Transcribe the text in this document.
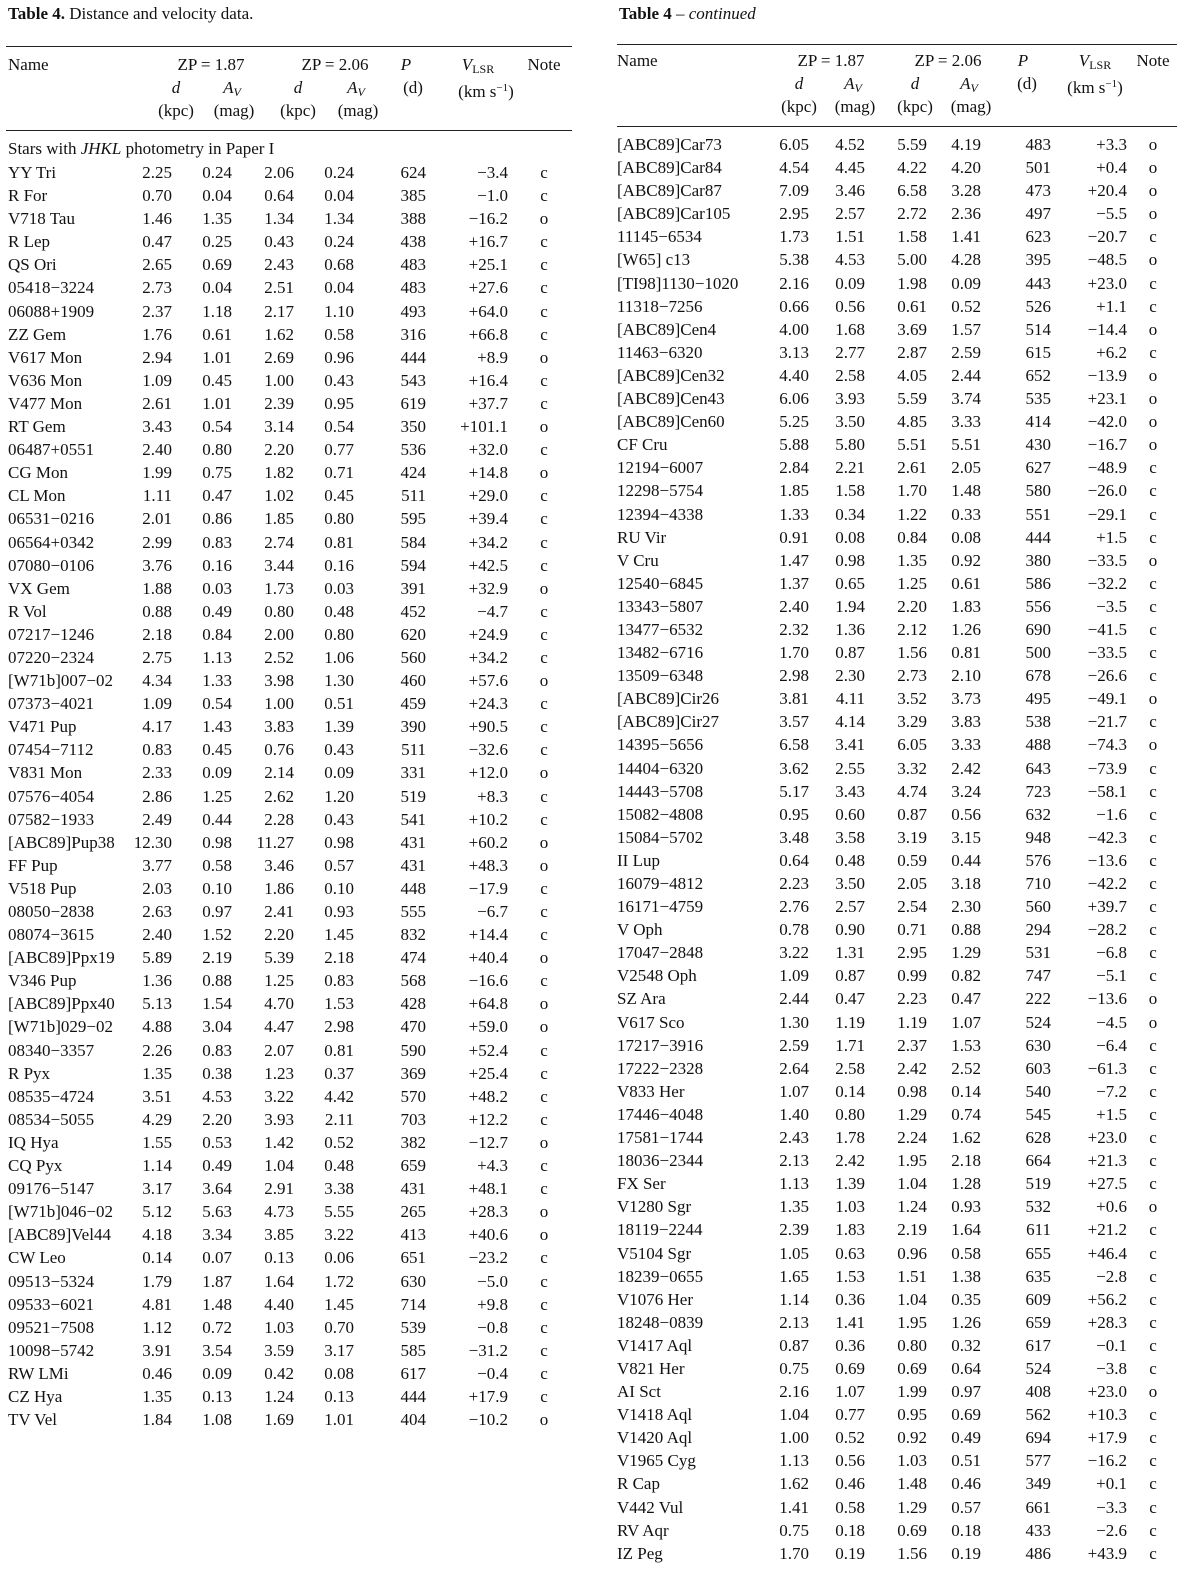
Table 4. Distance and velocity data.
Name	ZP = 1.87	ZP = 2.06	P	$V_{LSR}$	Note
d	$A_V$	d	$A_V$	(d)	(km $s^{-1}$)
(kpc) (mag) (kpc) (mag)
Stars with JHKL photometry in Paper I
YY Tri	2.25 0.24 2.06 0.24	624	−3.4	c
R For	0.70 0.04 0.64 0.04	385	−1.0	c
V718 Tau	1.46 1.35 1.34 1.34	388	−16.2	o
R Lep	0.47 0.25 0.43 0.24	438	+16.7	c
QS Ori	2.65 0.69 2.43 0.68	483	+25.1	c
05418−3224	2.73 0.04 2.51 0.04	483	+27.6	c
06088+1909	2.37 1.18 2.17 1.10	493	+64.0	c
ZZ Gem	1.76 0.61 1.62 0.58	316	+66.8	c
V617 Mon	2.94 1.01 2.69 0.96	444	+8.9	o
V636 Mon	1.09 0.45 1.00 0.43	543	+16.4	c
V477 Mon	2.61 1.01 2.39 0.95	619	+37.7	c
RT Gem	3.43 0.54 3.14 0.54	350 +101.1	o
06487+0551	2.40 0.80 2.20 0.77	536	+32.0	c
CG Mon	1.99 0.75 1.82 0.71	424	+14.8	o
CL Mon	1.11 0.47 1.02 0.45	511	+29.0	c
06531−0216	2.01 0.86 1.85 0.80	595	+39.4	c
06564+0342	2.99 0.83 2.74 0.81	584	+34.2	c
07080−0106	3.76 0.16 3.44 0.16	594	+42.5	c
VX Gem	1.88 0.03 1.73 0.03	391	+32.9	o
R Vol	0.88 0.49 0.80 0.48	452	−4.7	c
07217−1246	2.18 0.84 2.00 0.80	620	+24.9	c
07220−2324	2.75 1.13 2.52 1.06	560	+34.2	c
[W71b]007−02 4.34 1.33 3.98 1.30	460	+57.6	o
07373−4021	1.09 0.54 1.00 0.51	459	+24.3	c
V471 Pup	4.17 1.43 3.83 1.39	390	+90.5	c
07454−7112	0.83 0.45 0.76 0.43	511	−32.6	c
V831 Mon	2.33 0.09 2.14 0.09	331	+12.0	o
07576−4054	2.86 1.25 2.62 1.20	519	+8.3	c
07582−1933	2.49 0.44 2.28 0.43	541	+10.2	c
[ABC89]Pup38 12.30 0.98 11.27 0.98	431	+60.2	o
FF Pup	3.77 0.58 3.46 0.57	431	+48.3	o
V518 Pup	2.03 0.10 1.86 0.10	448	−17.9	c
08050−2838	2.63 0.97 2.41 0.93	555	−6.7	c
08074−3615	2.40 1.52 2.20 1.45	832	+14.4	c
[ABC89]Ppx19 5.89 2.19 5.39 2.18	474	+40.4	o
V346 Pup	1.36 0.88 1.25 0.83	568	−16.6	c
[ABC89]Ppx40 5.13 1.54 4.70 1.53	428	+64.8	o
[W71b]029−02 4.88 3.04 4.47 2.98	470	+59.0	o
08340−3357	2.26 0.83 2.07 0.81	590	+52.4	c
R Pyx	1.35 0.38 1.23 0.37	369	+25.4	c
08535−4724	3.51 4.53 3.22 4.42	570	+48.2	c
08534−5055	4.29 2.20 3.93 2.11	703	+12.2	c
IQ Hya	1.55 0.53 1.42 0.52	382	−12.7	o
CQ Pyx	1.14 0.49 1.04 0.48	659	+4.3	c
09176−5147	3.17 3.64 2.91 3.38	431	+48.1	c
[W71b]046−02 5.12 5.63 4.73 5.55	265	+28.3	o
[ABC89]Vel44 4.18 3.34 3.85 3.22	413	+40.6	o
CW Leo	0.14 0.07 0.13 0.06	651	−23.2	c
09513−5324	1.79 1.87 1.64 1.72	630	−5.0	c
09533−6021	4.81 1.48 4.40 1.45	714	+9.8	c
09521−7508	1.12 0.72 1.03 0.70	539	−0.8	c
10098−5742	3.91 3.54 3.59 3.17	585	−31.2	c
RW LMi	0.46 0.09 0.42 0.08	617	−0.4	c
CZ Hya	1.35 0.13 1.24 0.13	444	+17.9	c
TV Vel	1.84 1.08 1.69 1.01	404	−10.2	o
Table 4 – continued
Name	ZP = 1.87	ZP = 2.06	P	$V_{LSR}$	Note
d	$A_V$	d	$A_V$	(d)	(km $s^{-1}$)
(kpc) (mag) (kpc) (mag)
[ABC89]Car73	6.05 4.52 5.59 4.19	483	+3.3	o
[ABC89]Car84	4.54 4.45 4.22 4.20	501	+0.4	o
[ABC89]Car87	7.09 3.46 6.58 3.28	473 +20.4	o
[ABC89]Car105	2.95 2.57 2.72 2.36	497	−5.5	o
11145−6534	1.73 1.51 1.58 1.41	623 −20.7	c
[W65] c13	5.38 4.53 5.00 4.28	395 −48.5	o
[TI98]1130−1020 2.16 0.09 1.98 0.09	443 +23.0	c
11318−7256	0.66 0.56 0.61 0.52	526	+1.1	c
[ABC89]Cen4	4.00 1.68 3.69 1.57	514 −14.4	o
11463−6320	3.13 2.77 2.87 2.59	615	+6.2	c
[ABC89]Cen32	4.40 2.58 4.05 2.44	652 −13.9	o
[ABC89]Cen43	6.06 3.93 5.59 3.74	535 +23.1	o
[ABC89]Cen60	5.25 3.50 4.85 3.33	414 −42.0	o
CF Cru	5.88 5.80 5.51 5.51	430 −16.7	o
12194−6007	2.84 2.21 2.61 2.05	627 −48.9	c
12298−5754	1.85 1.58 1.70 1.48	580 −26.0	c
12394−4338	1.33 0.34 1.22 0.33	551 −29.1	c
RU Vir	0.91 0.08 0.84 0.08	444	+1.5	c
V Cru	1.47 0.98 1.35 0.92	380 −33.5	o
12540−6845	1.37 0.65 1.25 0.61	586 −32.2	c
13343−5807	2.40 1.94 2.20 1.83	556	−3.5	c
13477−6532	2.32 1.36 2.12 1.26	690 −41.5	c
13482−6716	1.70 0.87 1.56 0.81	500 −33.5	c
13509−6348	2.98 2.30 2.73 2.10	678 −26.6	c
[ABC89]Cir26	3.81 4.11 3.52 3.73	495 −49.1	o
[ABC89]Cir27	3.57 4.14 3.29 3.83	538 −21.7	c
14395−5656	6.58 3.41 6.05 3.33	488 −74.3	o
14404−6320	3.62 2.55 3.32 2.42	643 −73.9	c
14443−5708	5.17 3.43 4.74 3.24	723 −58.1	c
15082−4808	0.95 0.60 0.87 0.56	632	−1.6	c
15084−5702	3.48 3.58 3.19 3.15	948 −42.3	c
II Lup	0.64 0.48 0.59 0.44	576 −13.6	c
16079−4812	2.23 3.50 2.05 3.18	710 −42.2	c
16171−4759	2.76 2.57 2.54 2.30	560 +39.7	c
V Oph	0.78 0.90 0.71 0.88	294 −28.2	c
17047−2848	3.22 1.31 2.95 1.29	531	−6.8	c
V2548 Oph	1.09 0.87 0.99 0.82	747	−5.1	c
SZ Ara	2.44 0.47 2.23 0.47	222 −13.6	o
V617 Sco	1.30 1.19 1.19 1.07	524	−4.5	o
17217−3916	2.59 1.71 2.37 1.53	630	−6.4	c
17222−2328	2.64 2.58 2.42 2.52	603 −61.3	c
V833 Her	1.07 0.14 0.98 0.14	540	−7.2	c
17446−4048	1.40 0.80 1.29 0.74	545	+1.5	c
17581−1744	2.43 1.78 2.24 1.62	628 +23.0	c
18036−2344	2.13 2.42 1.95 2.18	664 +21.3	c
FX Ser	1.13 1.39 1.04 1.28	519 +27.5	c
V1280 Sgr	1.35 1.03 1.24 0.93	532	+0.6	o
18119−2244	2.39 1.83 2.19 1.64	611 +21.2	c
V5104 Sgr	1.05 0.63 0.96 0.58	655 +46.4	c
18239−0655	1.65 1.53 1.51 1.38	635	−2.8	c
V1076 Her	1.14 0.36 1.04 0.35	609 +56.2	c
18248−0839	2.13 1.41 1.95 1.26	659 +28.3	c
V1417 Aql	0.87 0.36 0.80 0.32	617	−0.1	c
V821 Her	0.75 0.69 0.69 0.64	524	−3.8	c
AI Sct	2.16 1.07 1.99 0.97	408 +23.0	o
V1418 Aql	1.04 0.77 0.95 0.69	562 +10.3	c
V1420 Aql	1.00 0.52 0.92 0.49	694 +17.9	c
V1965 Cyg	1.13 0.56 1.03 0.51	577 −16.2	c
R Cap	1.62 0.46 1.48 0.46	349	+0.1	c
V442 Vul	1.41 0.58 1.29 0.57	661	−3.3	c
RV Aqr	0.75 0.18 0.69 0.18	433	−2.6	c
IZ Peg	1.70 0.19 1.56 0.19	486 +43.9	c
